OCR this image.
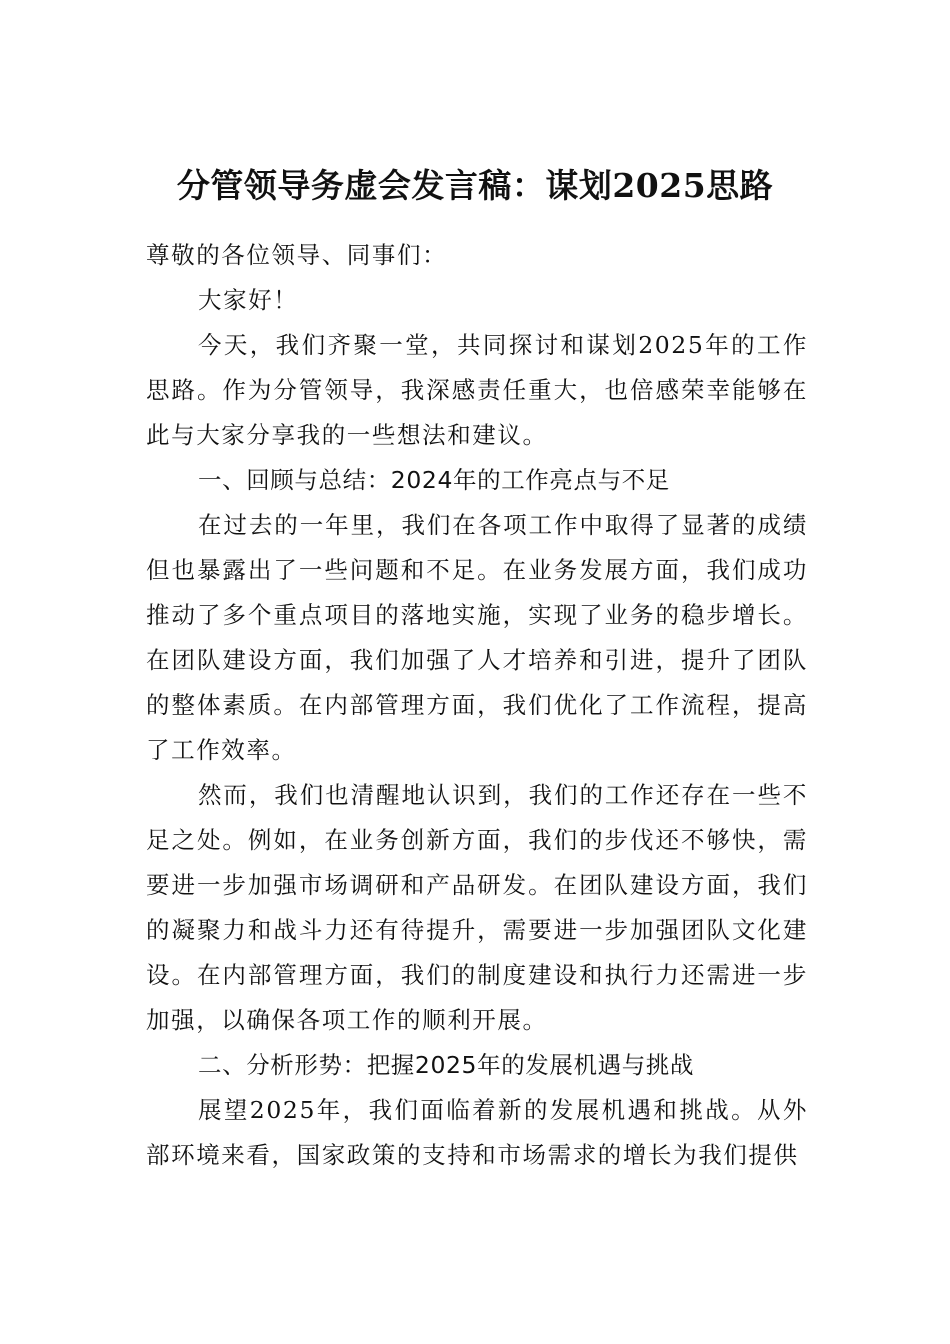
分管领导务虚会发言稿：谋划2025思路

尊敬的各位领导、同事们：

大家好！

今天，我们齐聚一堂，共同探讨和谋划2025年的工作思路。作为分管领导，我深感责任重大，也倍感荣幸能够在此与大家分享我的一些想法和建议。

一、回顾与总结：2024年的工作亮点与不足

在过去的一年里，我们在各项工作中取得了显著的成绩但也暴露出了一些问题和不足。在业务发展方面，我们成功推动了多个重点项目的落地实施，实现了业务的稳步增长。在团队建设方面，我们加强了人才培养和引进，提升了团队的整体素质。在内部管理方面，我们优化了工作流程，提高了工作效率。

然而，我们也清醒地认识到，我们的工作还存在一些不足之处。例如，在业务创新方面，我们的步伐还不够快，需要进一步加强市场调研和产品研发。在团队建设方面，我们的凝聚力和战斗力还有待提升，需要进一步加强团队文化建设。在内部管理方面，我们的制度建设和执行力还需进一步加强，以确保各项工作的顺利开展。

二、分析形势：把握2025年的发展机遇与挑战

展望2025年，我们面临着新的发展机遇和挑战。从外部环境来看，国家政策的支持和市场需求的增长为我们提供
